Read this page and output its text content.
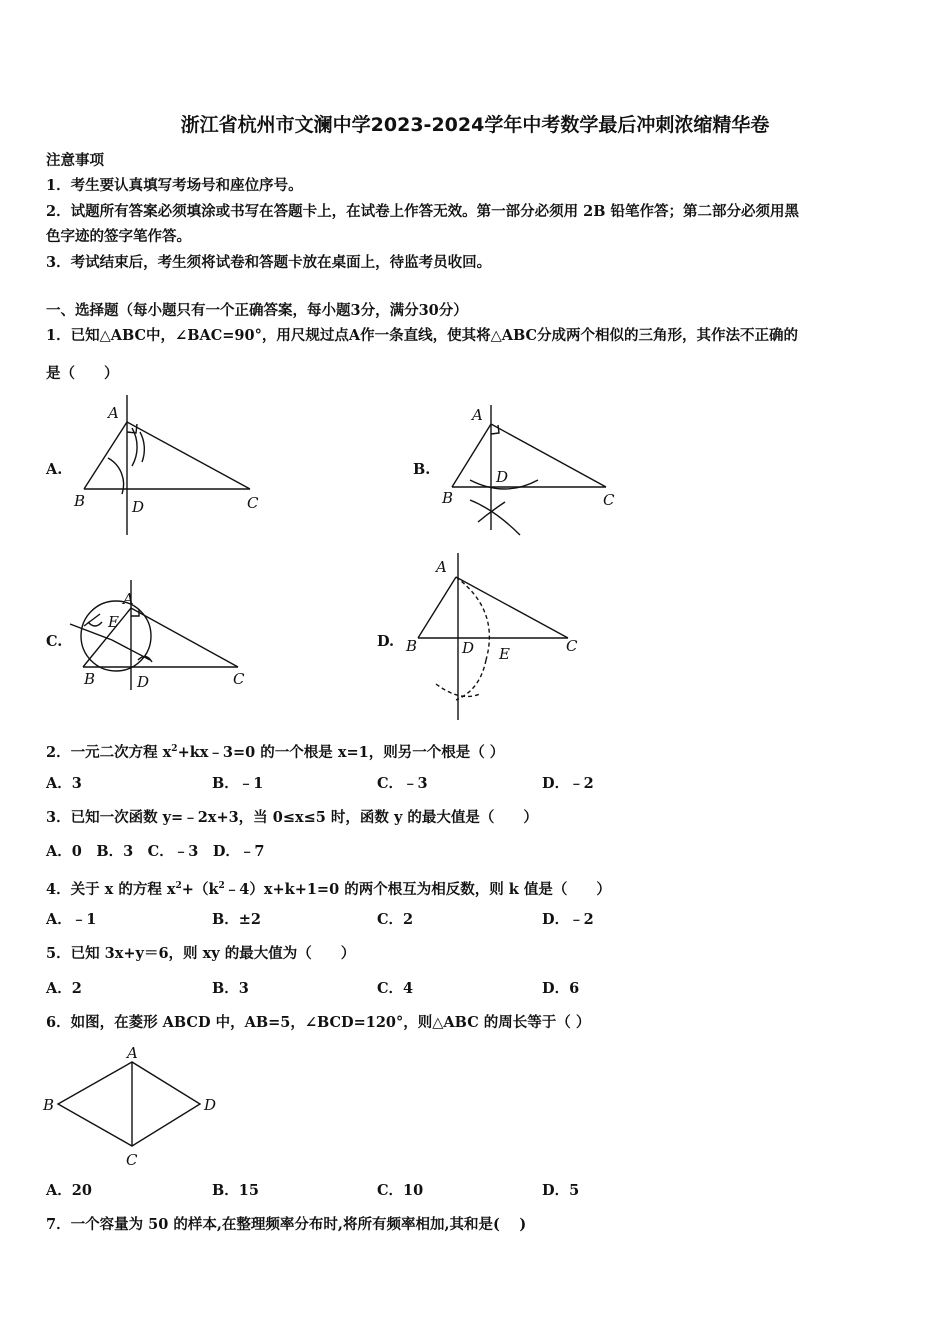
浙江省杭州市文澜中学2023-2024学年中考数学最后冲刺浓缩精华卷
注意事项
1．考生要认真填写考场号和座位序号。
2．试题所有答案必须填涂或书写在答题卡上，在试卷上作答无效。第一部分必须用 2B 铅笔作答；第二部分必须用黑
色字迹的签字笔作答。
3．考试结束后，考生须将试卷和答题卡放在桌面上，待监考员收回。
一、选择题（每小题只有一个正确答案，每小题3分，满分30分）
1．已知△ABC中，∠BAC=90°，用尺规过点A作一条直线，使其将△ABC分成两个相似的三角形，其作法不正确的
是（　　）
A.	B.
C.	D.
A
B	D	C
A
B
D
C
A
E
B	D	C
A
B	D E	C
A
B
C
D
2．一元二次方程 $x^2+kx﹣3=0$ 的一个根是 x=1，则另一个根是（ ）
A．3	B．﹣1	C．﹣3	D．﹣2
3．已知一次函数 y=﹣2x+3，当 0≤x≤5 时，函数 y 的最大值是（　　）
A．0　B．3　C．﹣3　D．﹣7
4．关于 x 的方程 $x^2+(k^2﹣4)x+k+1=0$ 的两个根互为相反数，则 k 值是（　　）
A．﹣1	B．±2	C．2	D．﹣2
5．已知 3x+y＝6，则 xy 的最大值为（　　）
A．2	B．3	C．4	D．6
6．如图，在菱形 ABCD 中，AB=5，∠BCD=120°，则△ABC 的周长等于（ ）
A．20	B．15	C．10	D．5
7．一个容量为 50 的样本,在整理频率分布时,将所有频率相加,其和是(　 )
